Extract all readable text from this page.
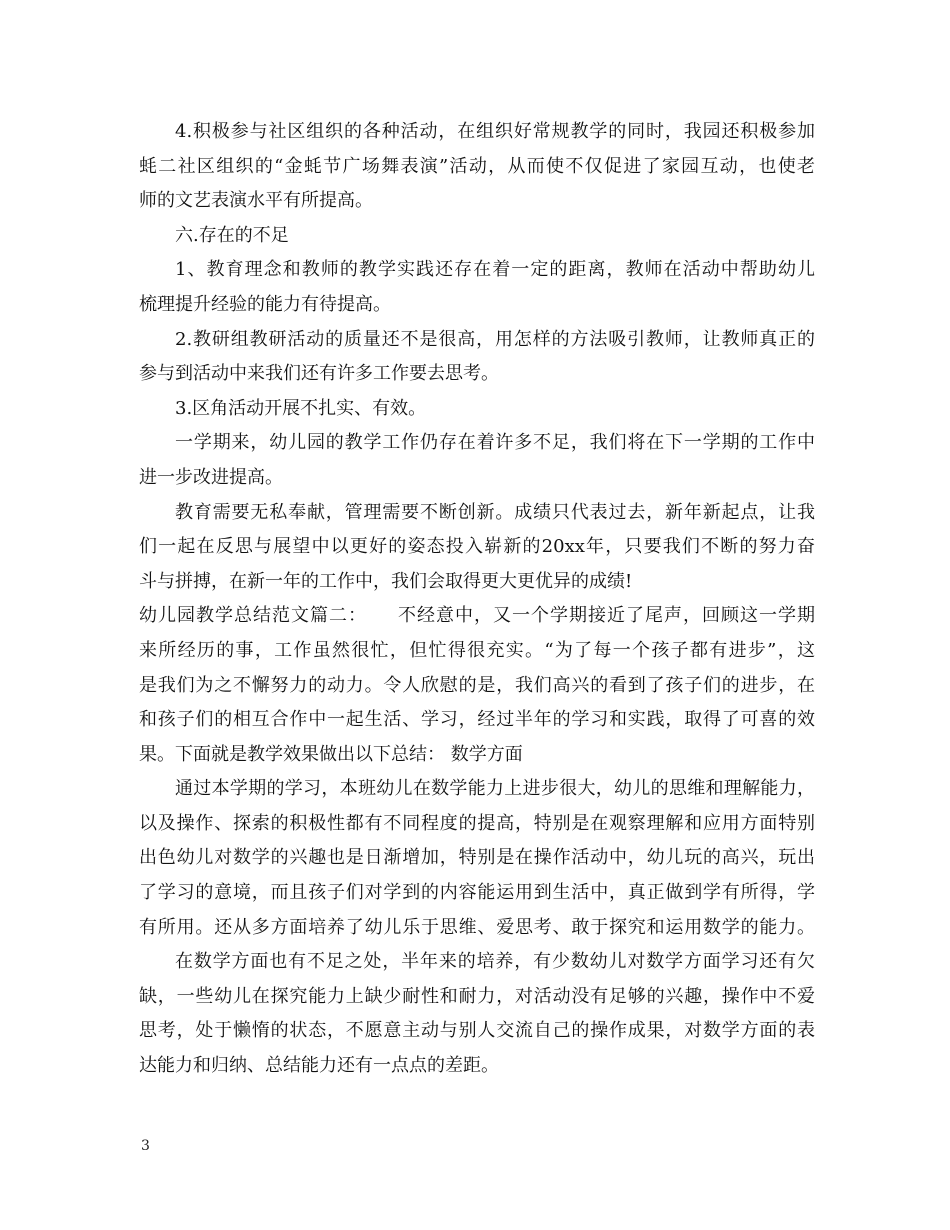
4.积极参与社区组织的各种活动，在组织好常规教学的同时，我园还积极参加
蚝二社区组织的“金蚝节广场舞表演”活动，从而使不仅促进了家园互动，也使老
师的文艺表演水平有所提高。
六.存在的不足
1、教育理念和教师的教学实践还存在着一定的距离，教师在活动中帮助幼儿
梳理提升经验的能力有待提高。
2.教研组教研活动的质量还不是很高，用怎样的方法吸引教师，让教师真正的
参与到活动中来我们还有许多工作要去思考。
3.区角活动开展不扎实、有效。
一学期来，幼儿园的教学工作仍存在着许多不足，我们将在下一学期的工作中
进一步改进提高。
教育需要无私奉献，管理需要不断创新。成绩只代表过去，新年新起点，让我
们一起在反思与展望中以更好的姿态投入崭新的20xx年，只要我们不断的努力奋
斗与拼搏，在新一年的工作中，我们会取得更大更优异的成绩!
幼儿园教学总结范文篇二： 不经意中，又一个学期接近了尾声，回顾这一学期
来所经历的事，工作虽然很忙，但忙得很充实。“为了每一个孩子都有进步”，这
是我们为之不懈努力的动力。令人欣慰的是，我们高兴的看到了孩子们的进步，在
和孩子们的相互合作中一起生活、学习，经过半年的学习和实践，取得了可喜的效
果。下面就是教学效果做出以下总结： 数学方面
通过本学期的学习，本班幼儿在数学能力上进步很大，幼儿的思维和理解能力，
以及操作、探索的积极性都有不同程度的提高，特别是在观察理解和应用方面特别
出色幼儿对数学的兴趣也是日渐增加，特别是在操作活动中，幼儿玩的高兴，玩出
了学习的意境，而且孩子们对学到的内容能运用到生活中，真正做到学有所得，学
有所用。还从多方面培养了幼儿乐于思维、爱思考、敢于探究和运用数学的能力。
在数学方面也有不足之处，半年来的培养，有少数幼儿对数学方面学习还有欠
缺，一些幼儿在探究能力上缺少耐性和耐力，对活动没有足够的兴趣，操作中不爱
思考，处于懒惰的状态，不愿意主动与别人交流自己的操作成果，对数学方面的表
达能力和归纳、总结能力还有一点点的差距。
3
